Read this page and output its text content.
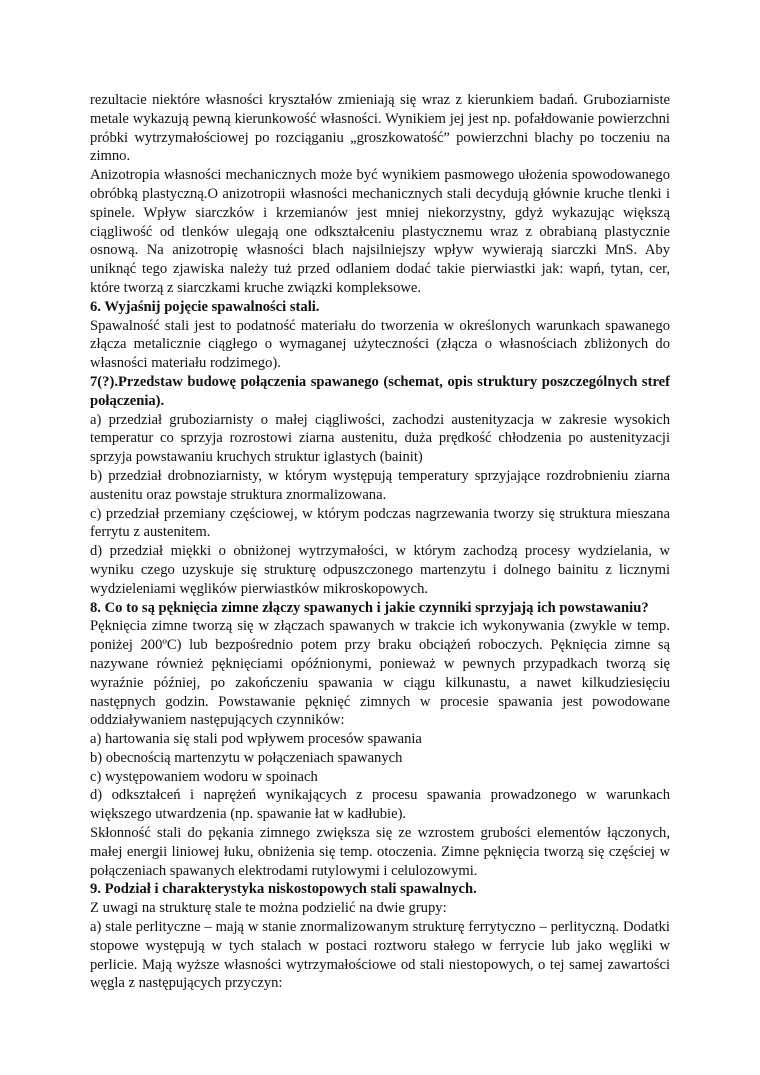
rezultacie niektóre własności kryształów zmieniają się wraz z kierunkiem badań. Gruboziarniste metale wykazują pewną kierunkowość własności. Wynikiem jej jest np. pofałdowanie powierzchni próbki wytrzymałościowej po rozciąganiu „groszkowatość” powierzchni blachy po toczeniu na zimno.

Anizotropia własności mechanicznych może być wynikiem pasmowego ułożenia spowodowanego obróbką plastyczną.O anizotropii własności mechanicznych stali decydują głównie kruche tlenki i spinele. Wpływ siarczków i krzemianów jest mniej niekorzystny, gdyż wykazując większą ciągliwość od tlenków ulegają one odkształceniu plastycznemu wraz z obrabianą plastycznie osnową. Na anizotropię własności blach najsilniejszy wpływ wywierają siarczki MnS. Aby uniknąć tego zjawiska należy tuż przed odlaniem dodać takie pierwiastki jak: wapń, tytan, cer, które tworzą z siarczkami kruche związki kompleksowe.

6. Wyjaśnij pojęcie spawalności stali.

Spawalność stali jest to podatność materiału do tworzenia w określonych warunkach spawanego złącza metalicznie ciągłego o wymaganej użyteczności (złącza o własnościach zbliżonych do własności materiału rodzimego).

7(?).Przedstaw budowę połączenia spawanego (schemat, opis struktury poszczególnych stref połączenia).

a) przedział gruboziarnisty o małej ciągliwości, zachodzi austenityzacja w zakresie wysokich temperatur co sprzyja rozrostowi ziarna austenitu, duża prędkość chłodzenia po austenityzacji sprzyja powstawaniu kruchych struktur iglastych (bainit)

b) przedział drobnoziarnisty, w którym występują temperatury sprzyjające rozdrobnieniu ziarna austenitu oraz powstaje struktura znormalizowana.

c) przedział przemiany częściowej, w którym podczas nagrzewania tworzy się struktura mieszana ferrytu z austenitem.

d) przedział miękki o obniżonej wytrzymałości, w którym zachodzą procesy wydzielania, w wyniku czego uzyskuje się strukturę odpuszczonego martenzytu i dolnego bainitu z licznymi wydzieleniami węglików pierwiastków mikroskopowych.

8. Co to są pęknięcia zimne złączy spawanych i jakie czynniki sprzyjają ich powstawaniu?

Pęknięcia zimne tworzą się w złączach spawanych w trakcie ich wykonywania (zwykle w temp. poniżej 200ºC) lub bezpośrednio potem przy braku obciążeń roboczych. Pęknięcia zimne są nazywane również pęknięciami opóźnionymi, ponieważ w pewnych przypadkach tworzą się wyraźnie później, po zakończeniu spawania w ciągu kilkunastu, a nawet kilkudziesięciu następnych godzin. Powstawanie pęknięć zimnych w procesie spawania jest powodowane oddziaływaniem następujących czynników:

a) hartowania się stali pod wpływem procesów spawania

b) obecnością martenzytu w połączeniach spawanych

c) występowaniem wodoru w spoinach

d) odkształceń i naprężeń wynikających z procesu spawania prowadzonego w warunkach większego utwardzenia (np. spawanie łat w kadłubie).

Skłonność stali do pękania zimnego zwiększa się ze wzrostem grubości elementów łączonych, małej energii liniowej łuku, obniżenia się temp. otoczenia. Zimne pęknięcia tworzą się częściej w połączeniach spawanych elektrodami rutylowymi i celulozowymi.

9. Podział i charakterystyka niskostopowych stali spawalnych.

Z uwagi na strukturę stale te można podzielić na dwie grupy:

a) stale perlityczne – mają w stanie znormalizowanym strukturę ferrytyczno – perlityczną. Dodatki stopowe występują w tych stalach w postaci roztworu stałego w ferrycie lub jako węgliki w perlicie. Mają wyższe własności wytrzymałościowe od stali niestopowych, o tej samej zawartości węgla z następujących przyczyn:
